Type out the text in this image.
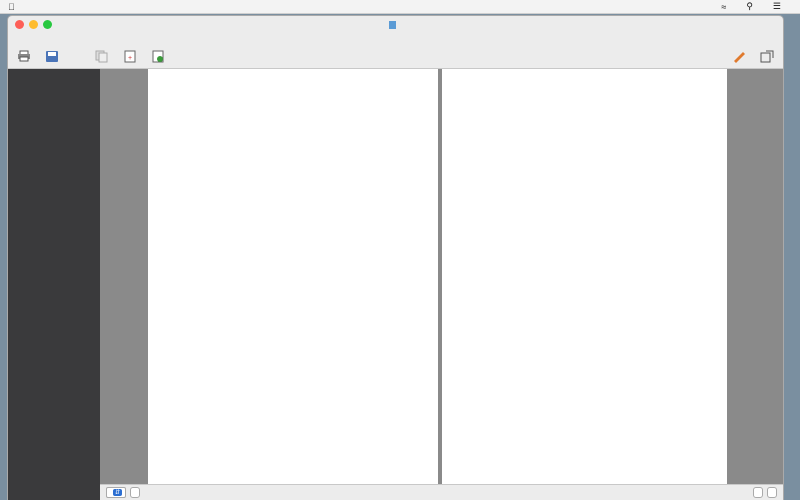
≈ ⚲ ☰
+
⇵
